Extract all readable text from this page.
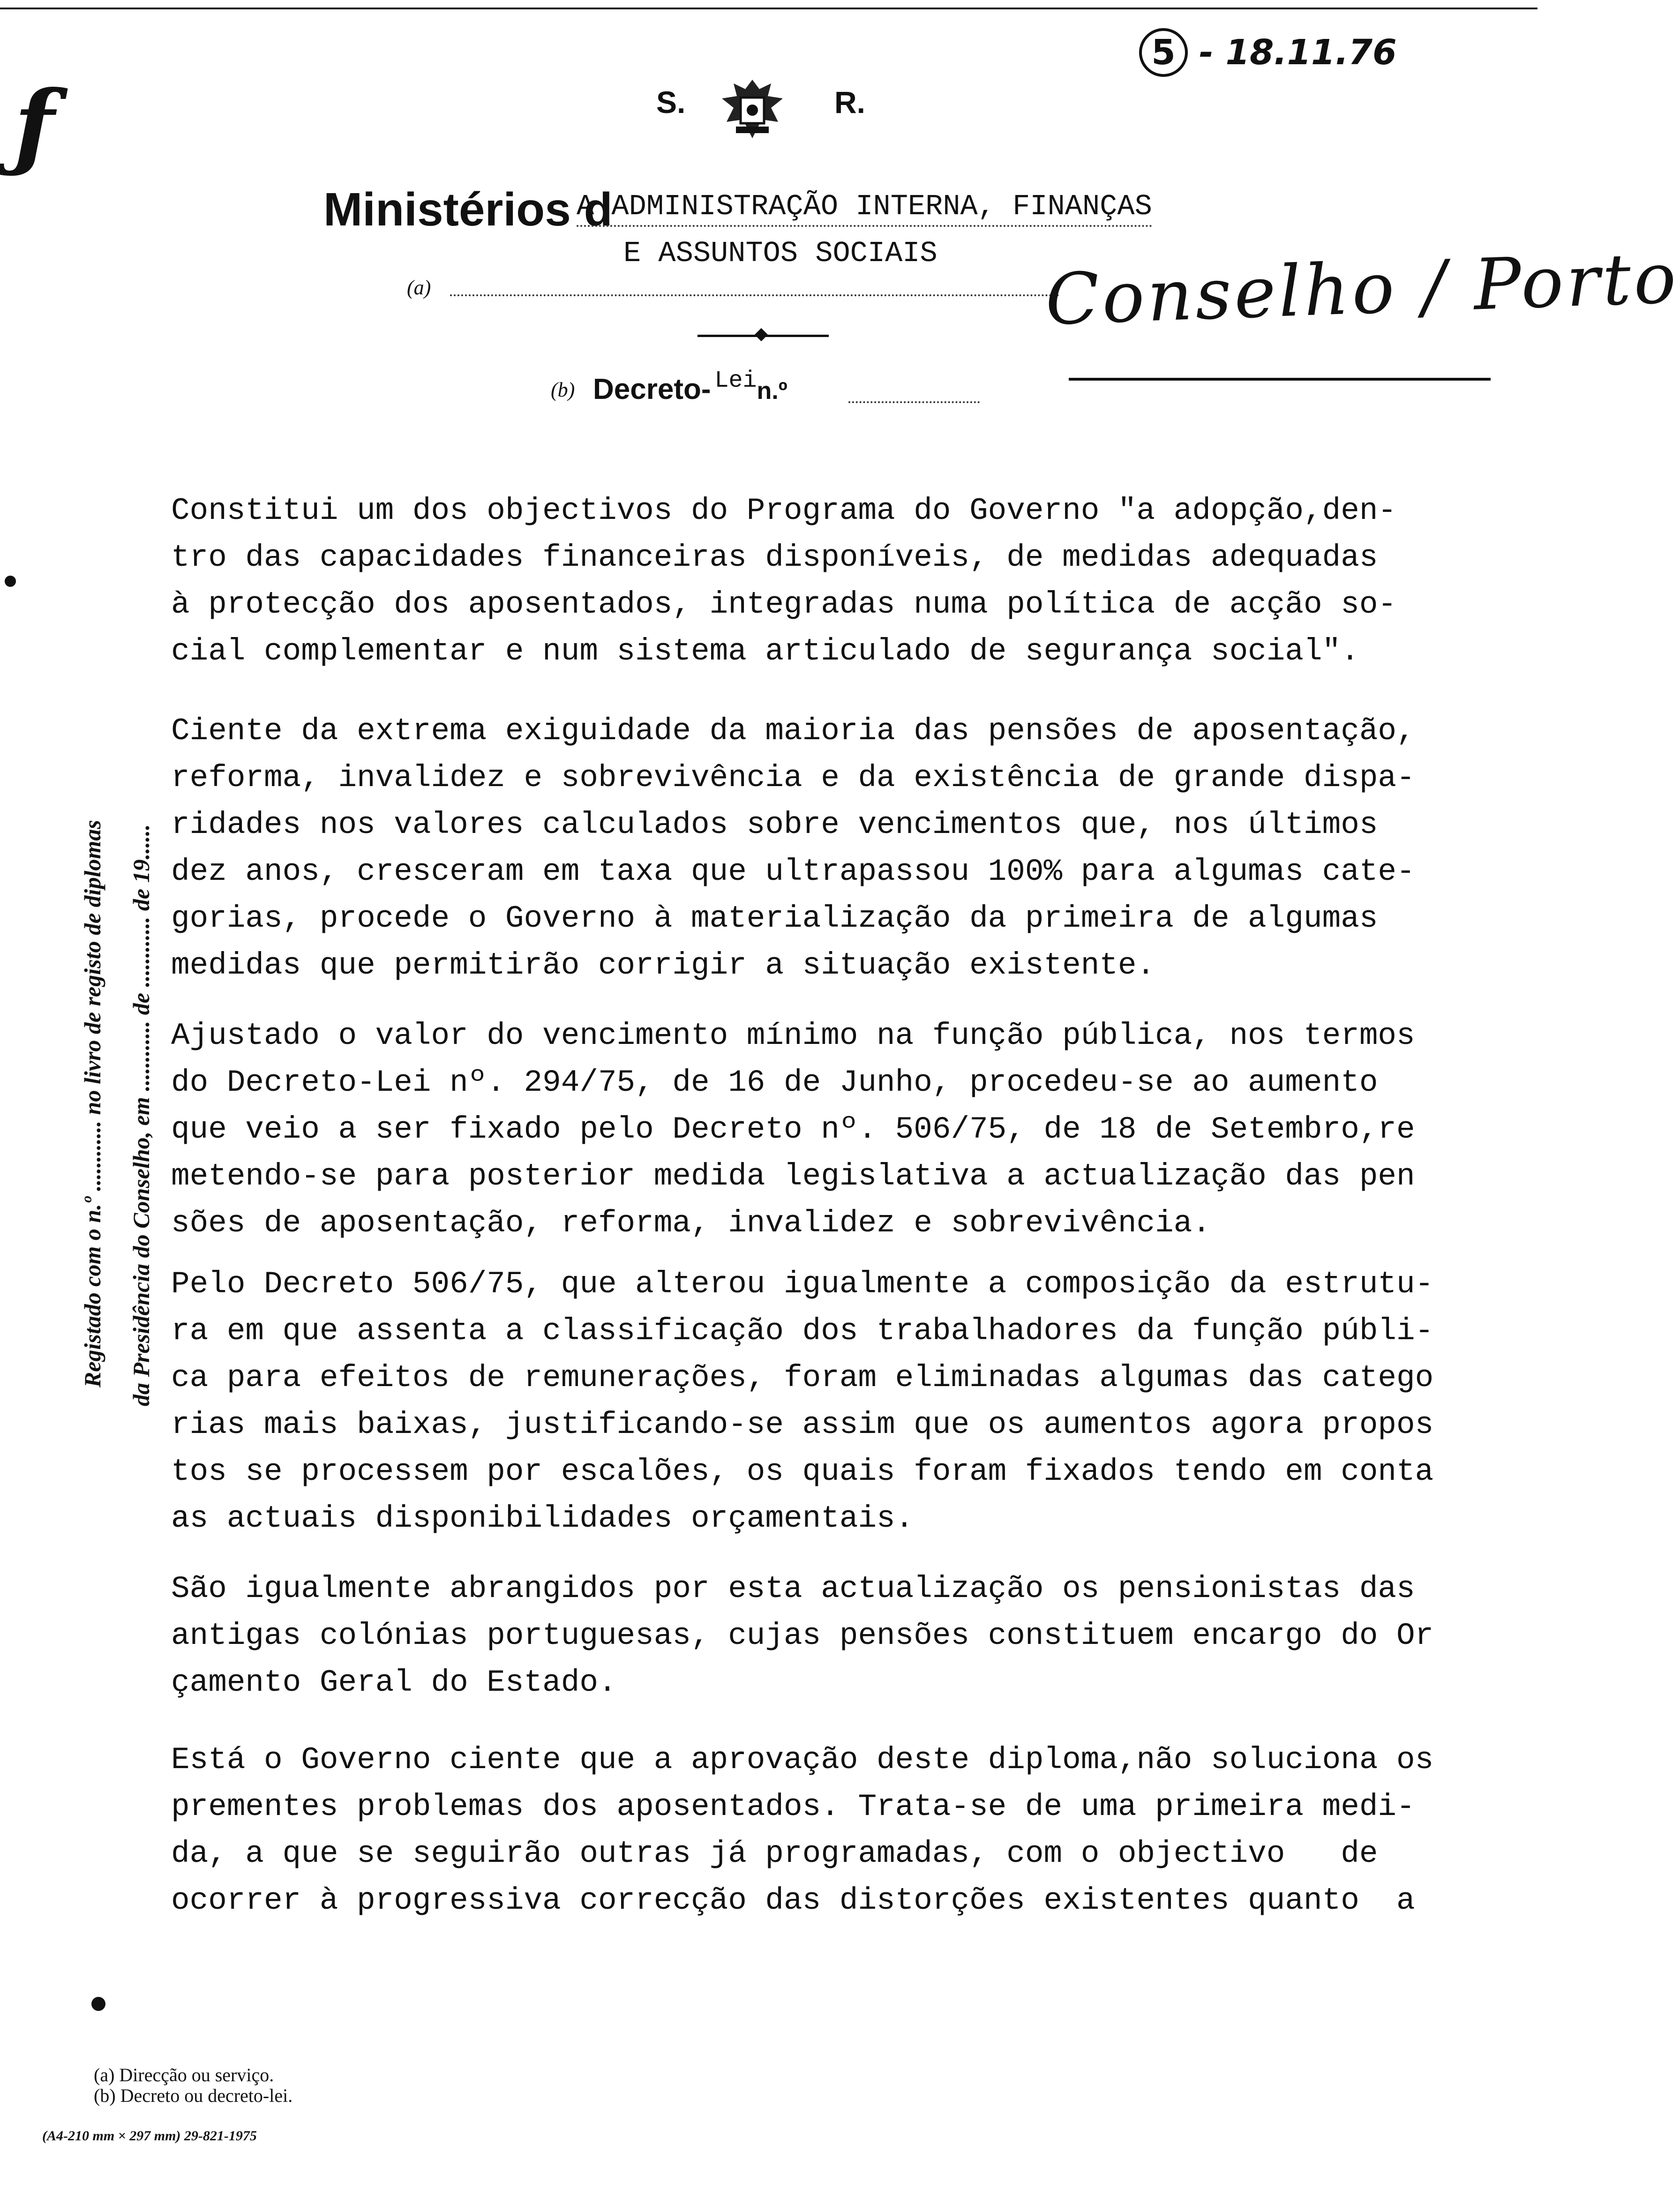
ƒ
5 - 18.11.76
S.	R.
Ministérios d
A ADMINISTRAÇÃO INTERNA, FINANÇAS
E ASSUNTOS SOCIAIS
(a)	Conselho / Porto
(b) Decreto- $^{Lei}$n.º
Registado com o n.º ............ no livro de registo de diplomas da Presidência do Conselho, em ............ de ............ de 19......

Constitui um dos objectivos do Programa do Governo "a adopção,den-
tro das capacidades financeiras disponíveis, de medidas adequadas
à protecção dos aposentados, integradas numa política de acção so-
cial complementar e num sistema articulado de segurança social".

Ciente da extrema exiguidade da maioria das pensões de aposentação,
reforma, invalidez e sobrevivência e da existência de grande dispa-
ridades nos valores calculados sobre vencimentos que, nos últimos
dez anos, cresceram em taxa que ultrapassou 100% para algumas cate-
gorias, procede o Governo à materialização da primeira de algumas
medidas que permitirão corrigir a situação existente.

Ajustado o valor do vencimento mínimo na função pública, nos termos
do Decreto-Lei nº. 294/75, de 16 de Junho, procedeu-se ao aumento
que veio a ser fixado pelo Decreto nº. 506/75, de 18 de Setembro,re
metendo-se para posterior medida legislativa a actualização das pen
sões de aposentação, reforma, invalidez e sobrevivência.

Pelo Decreto 506/75, que alterou igualmente a composição da estrutu-
ra em que assenta a classificação dos trabalhadores da função públi-
ca para efeitos de remunerações, foram eliminadas algumas das catego
rias mais baixas, justificando-se assim que os aumentos agora propos
tos se processem por escalões, os quais foram fixados tendo em conta
as actuais disponibilidades orçamentais.

São igualmente abrangidos por esta actualização os pensionistas das
antigas colónias portuguesas, cujas pensões constituem encargo do Or
çamento Geral do Estado.

Está o Governo ciente que a aprovação deste diploma,não soluciona os
prementes problemas dos aposentados. Trata-se de uma primeira medi-
da, a que se seguirão outras já programadas, com o objectivo   de
ocorrer à progressiva correcção das distorções existentes quanto  a

(a) Direcção ou serviço.
(b) Decreto ou decreto-lei.
(A4-210 mm × 297 mm) 29-821-1975
